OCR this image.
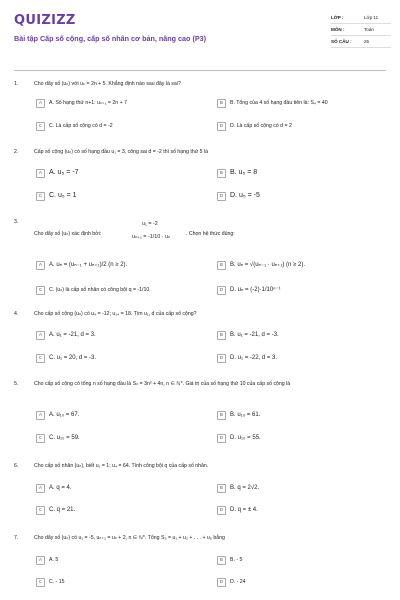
QUIZIZZ
Bài tập Cấp số cộng, cấp số nhân cơ bản, nâng cao (P3)
LỚP :	Lớp 11
MÔN :	Toán
SỐ CÂU :	25
1.	Cho dãy số (uₙ) với uₙ = 2n + 5. Khẳng định nào sau đây là sai?
A	A. Số hạng thứ n+1: uₙ₊₁ = 2n + 7	B	B. Tổng của 4 số hạng đầu tiên là: S₄ = 40
C	C. Là cấp số cộng có d = -2	D	D. Là cấp số cộng có d = 2
2.	Cấp số cộng (uₙ) có số hạng đầu u₁ = 3, công sai d = -2 thì số hạng thứ 5 là
A	A. u₅ = -7	B	B. u₅ = 8
C C. u₅ = 1	D D. u₅ = -5
3.
Cho dãy số (uₙ) xác định bởi:
u₁ = -2
uₙ₊₁ = -1/10 · uₙ	. Chọn hệ thức đúng:
A	A. uₙ = (uₙ₋₁ + uₙ₊₁)/2 (n ≥ 2).	B	B. uₙ = √(uₙ₋₁ · uₙ₊₁) (n ≥ 2).
C	C. (uₙ) là cấp số nhân có công bội q = -1/10	D	D. uₙ = (-2)·1/10ⁿ⁻¹
4.	Cho cấp số cộng (uₙ) có u₄ = -12; u₁₄ = 18. Tìm u₁, d của cấp số cộng?
A	A. u₁ = -21, d = 3.	B	B. u₁ = -21, d = -3.
C	C. u₁ = 20, d = -3.	D	D. u₁ = -22, d = 3.
5.	Cho cấp số cộng có tổng n số hạng đầu là Sₙ = 3n² + 4n, n ∈ ℕ*. Giá trị của số hạng thứ 10 của cấp số cộng là
A	A. u₁₀ = 67.	B	B. u₁₀ = 61.
C	C. u₁₀ = 59.	D	D. u₁₀ = 55.
6.	Cho cấp số nhân (uₙ), biết u₁ = 1; u₄ = 64. Tính công bội q của cấp số nhân.
A	A. q = 4.	B	B. q = 2√2.
C	C. q = 21.	D	D. q = ± 4.
7.	Cho dãy số (uₙ) có u₁ = -5, uₙ₊₁ = uₙ + 2, n ∈ ℕ*. Tổng S₅ = u₁ + u₂ + . . . + u₅ bằng
A	A. 5	B	B. - 5
C	C. - 15	D	D. - 24
